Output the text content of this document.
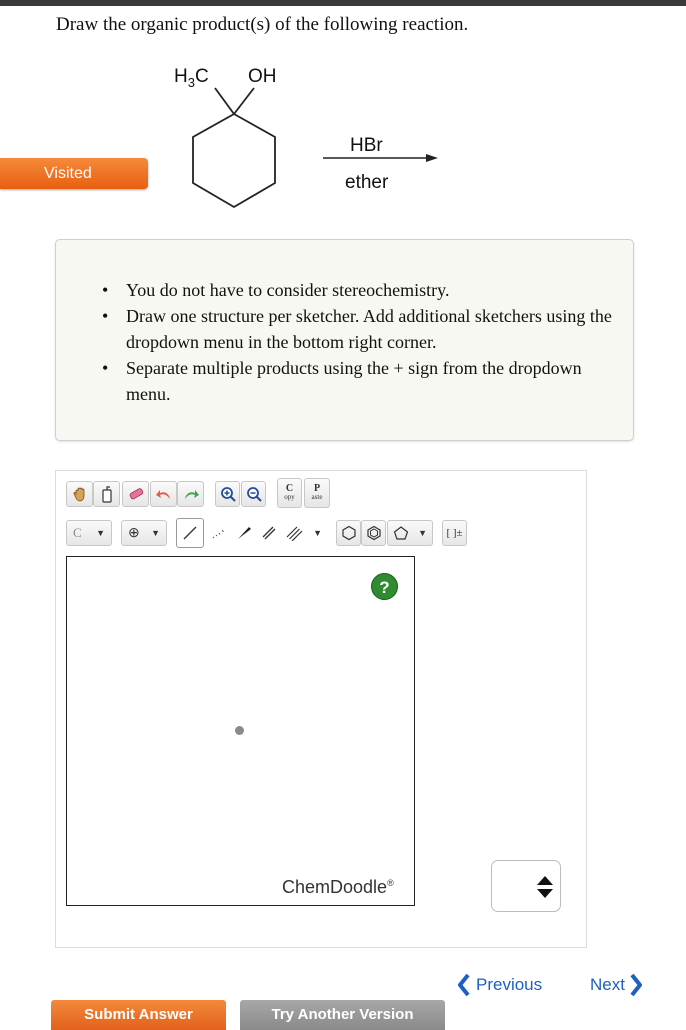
Draw the organic product(s) of the following reaction.
Visited
$H_3C$ OH
HBr
ether
• You do not have to consider stereochemistry.
• Draw one structure per sketcher. Add additional sketchers using the dropdown menu in the bottom right corner.
• Separate multiple products using the + sign from the dropdown menu.
C
opy
P
aste
C ▼ ⊕ ▼	▼	▼ [ ]±
?
ChemDoodle®
Previous	Next
Submit Answer	Try Another Version
